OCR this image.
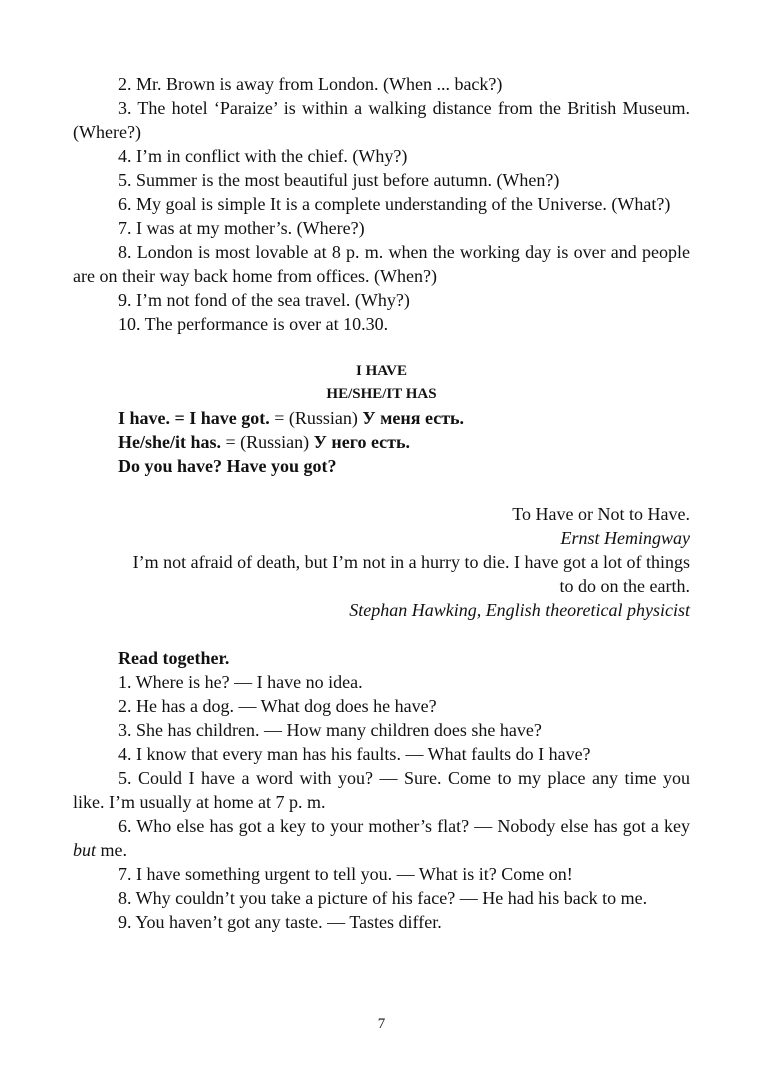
2. Mr. Brown is away from London. (When ... back?)

3. The hotel ‘Paraize’ is within a walking distance from the British Museum. (Where?)

4. I’m in conflict with the chief. (Why?)

5. Summer is the most beautiful just before autumn. (When?)

6. My goal is simple It is a complete understanding of the Universe. (What?)

7. I was at my mother’s. (Where?)

8. London is most lovable at 8 p. m. when the working day is over and people are on their way back home from offices. (When?)

9. I’m not fond of the sea travel. (Why?)

10. The performance is over at 10.30.

I HAVE
HE/SHE/IT HAS

I have. = I have got. = (Russian) У меня есть.

He/she/it has. = (Russian) У него есть.

Do you have? Have you got?

To Have or Not to Have.

Ernst Hemingway

I’m not afraid of death, but I’m not in a hurry to die. I have got a lot of things to do on the earth.

Stephan Hawking, English theoretical physicist

Read together.

1. Where is he? — I have no idea.

2. He has a dog. — What dog does he have?

3. She has children. — How many children does she have?

4. I know that every man has his faults. — What faults do I have?

5. Could I have a word with you? — Sure. Come to my place any time you like. I’m usually at home at 7 p. m.

6. Who else has got a key to your mother’s flat? — Nobody else has got a key but me.

7. I have something urgent to tell you. — What is it? Come on!

8. Why couldn’t you take a picture of his face? — He had his back to me.

9. You haven’t got any taste. — Tastes differ.

7
